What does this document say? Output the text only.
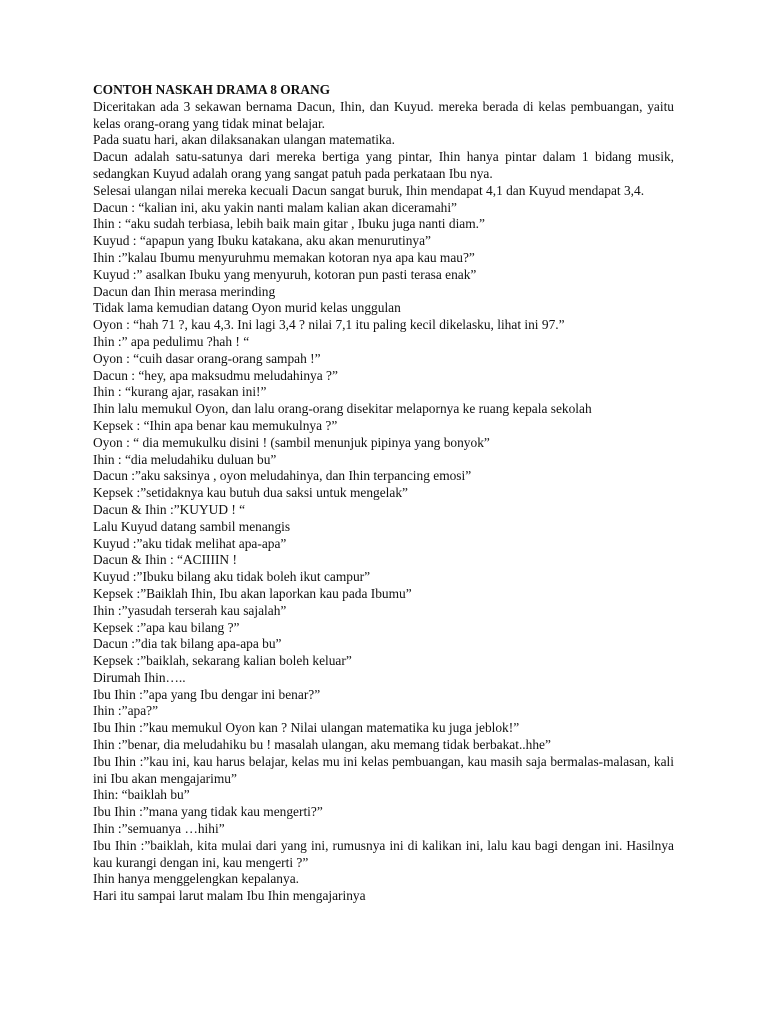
CONTOH NASKAH DRAMA 8 ORANG

Diceritakan ada 3 sekawan bernama Dacun, Ihin, dan Kuyud. mereka berada di kelas pembuangan, yaitu kelas orang-orang yang tidak minat belajar.

Pada suatu hari, akan dilaksanakan ulangan matematika.

Dacun adalah satu-satunya dari mereka bertiga yang pintar, Ihin hanya pintar dalam 1 bidang musik, sedangkan Kuyud adalah orang yang sangat patuh pada perkataan Ibu nya.

Selesai ulangan nilai mereka kecuali Dacun sangat buruk, Ihin mendapat 4,1 dan Kuyud mendapat 3,4.

Dacun : “kalian ini, aku yakin nanti malam kalian akan diceramahi”

Ihin : “aku sudah terbiasa, lebih baik main gitar , Ibuku juga nanti diam.”

Kuyud : “apapun yang Ibuku katakana, aku akan menurutinya”

Ihin :”kalau Ibumu menyuruhmu memakan kotoran nya apa kau mau?”

Kuyud :” asalkan Ibuku yang menyuruh, kotoran pun pasti terasa enak”

Dacun dan Ihin merasa merinding

Tidak lama kemudian datang Oyon murid kelas unggulan

Oyon : “hah 71 ?, kau 4,3. Ini lagi 3,4 ? nilai 7,1 itu paling kecil dikelasku, lihat ini 97.”

Ihin :” apa pedulimu ?hah ! “

Oyon : “cuih dasar orang-orang sampah !”

Dacun : “hey, apa maksudmu meludahinya ?”

Ihin : “kurang ajar, rasakan ini!”

Ihin lalu memukul Oyon, dan lalu orang-orang disekitar melapornya ke ruang kepala sekolah

Kepsek : “Ihin apa benar kau memukulnya ?”

Oyon : “ dia memukulku disini ! (sambil menunjuk pipinya yang bonyok”

Ihin : “dia meludahiku duluan bu”

Dacun :”aku saksinya , oyon meludahinya, dan Ihin terpancing emosi”

Kepsek :”setidaknya kau butuh dua saksi untuk mengelak”

Dacun & Ihin :”KUYUD ! “

Lalu Kuyud datang sambil menangis

Kuyud :”aku tidak melihat apa-apa”

Dacun & Ihin : “ACIIIIN !

Kuyud :”Ibuku bilang aku tidak boleh ikut campur”

Kepsek :”Baiklah Ihin, Ibu akan laporkan kau pada Ibumu”

Ihin :”yasudah terserah kau sajalah”

Kepsek :”apa kau bilang ?”

Dacun :”dia tak bilang apa-apa bu”

Kepsek :”baiklah, sekarang kalian boleh keluar”

Dirumah Ihin…..

Ibu Ihin :”apa yang Ibu dengar ini benar?”

Ihin :”apa?”

Ibu Ihin :”kau memukul Oyon kan ? Nilai ulangan matematika ku juga jeblok!”

Ihin :”benar, dia meludahiku bu ! masalah ulangan, aku memang tidak berbakat..hhe”

Ibu Ihin :”kau ini, kau harus belajar, kelas mu ini kelas pembuangan, kau masih saja bermalas-malasan, kali ini Ibu akan mengajarimu”

Ihin: “baiklah bu”

Ibu Ihin :”mana yang tidak kau mengerti?”

Ihin :”semuanya …hihi”

Ibu Ihin :”baiklah, kita mulai dari yang ini, rumusnya ini di kalikan ini, lalu kau bagi dengan ini. Hasilnya kau kurangi dengan ini, kau mengerti ?”

Ihin hanya menggelengkan kepalanya.

Hari itu sampai larut malam Ibu Ihin mengajarinya
